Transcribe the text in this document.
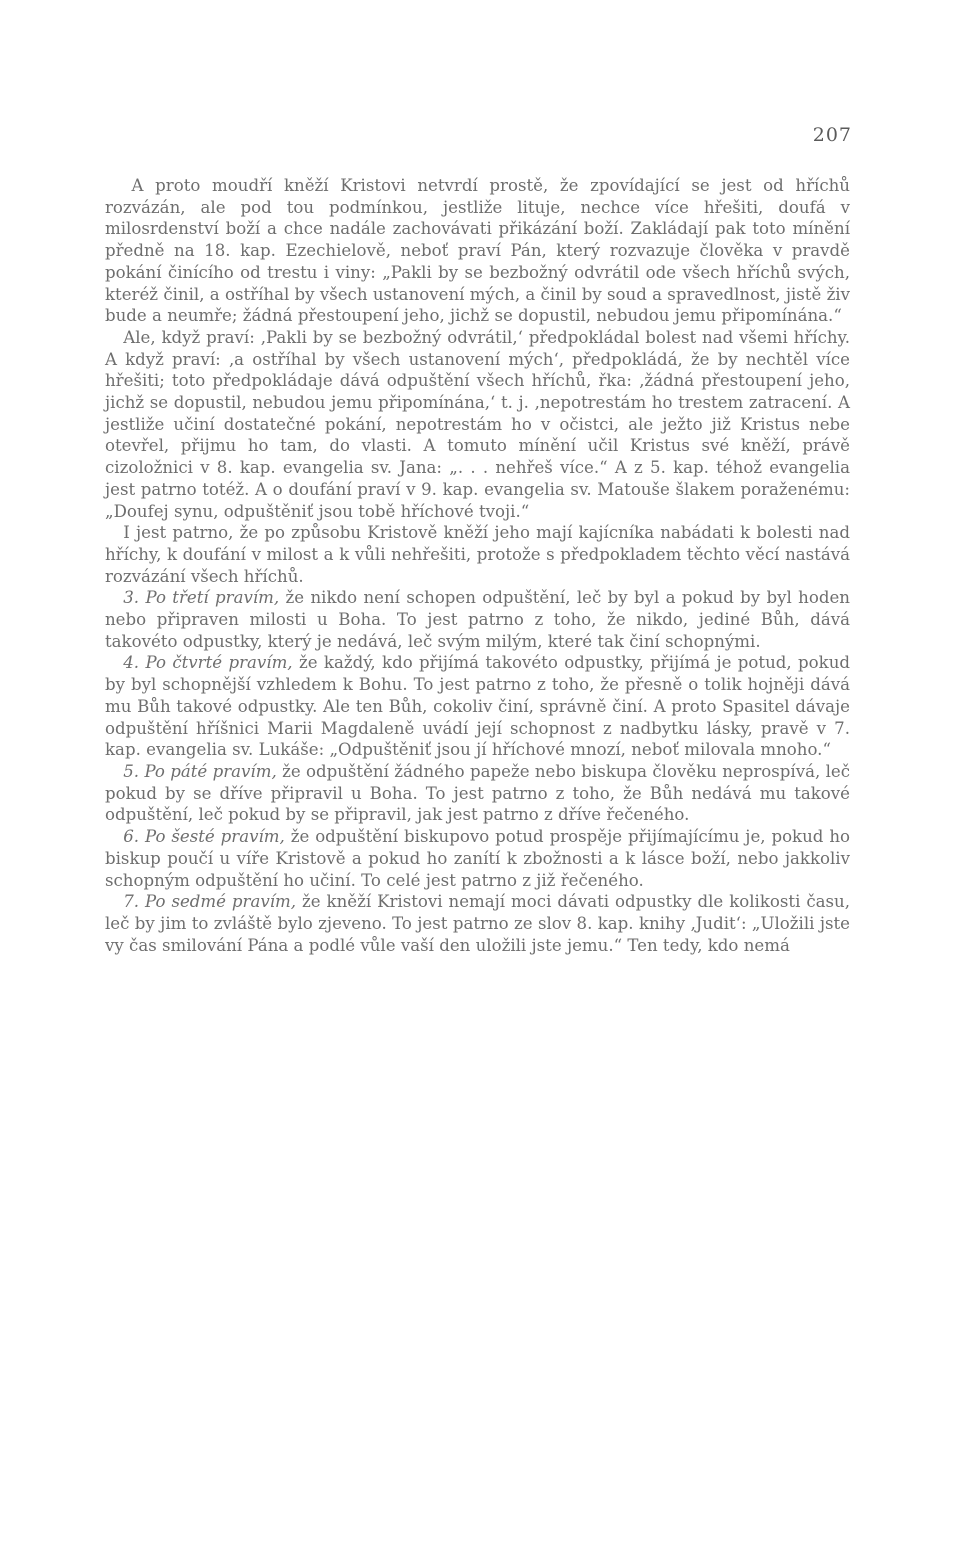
207

A proto moudří kněží Kristovi netvrdí prostě, že zpovídající se jest od hříchů rozvázán, ale pod tou podmínkou, jestliže lituje, nechce více hřešiti, doufá v milosrdenství boží a chce nadále zachovávati přikázání boží. Zakládají pak toto mínění předně na 18. kap. Ezechielově, neboť praví Pán, který rozvazuje člověka v pravdě pokání činícího od trestu i viny: „Pakli by se bezbožný odvrátil ode všech hříchů svých, kteréž činil, a ostříhal by všech ustanovení mých, a činil by soud a spravedlnost, jistě živ bude a neumře; žádná přestoupení jeho, jichž se dopustil, nebudou jemu připomínána.“

Ale, když praví: ‚Pakli by se bezbožný odvrátil,‘ předpokládal bolest nad všemi hříchy. A když praví: ‚a ostříhal by všech ustanovení mých‘, předpokládá, že by nechtěl více hřešiti; toto předpokládaje dává odpuštění všech hříchů, řka: ‚žádná přestoupení jeho, jichž se dopustil, nebudou jemu připomínána,‘ t. j. ‚nepotrestám ho trestem zatracení. A jestliže učiní dostatečné pokání, nepotrestám ho v očistci, ale ježto již Kristus nebe otevřel, přijmu ho tam, do vlasti. A tomuto mínění učil Kristus své kněží, právě cizoložnici v 8. kap. evangelia sv. Jana: „. . . nehřeš více.“ A z 5. kap. téhož evangelia jest patrno totéž. A o doufání praví v 9. kap. evangelia sv. Matouše šlakem poraženému: „Doufej synu, odpuštěniť jsou tobě hříchové tvoji.“

I jest patrno, že po způsobu Kristově kněží jeho mají kajícníka nabádati k bolesti nad hříchy, k doufání v milost a k vůli nehřešiti, protože s předpokladem těchto věcí nastává rozvázání všech hříchů.

3. Po třetí pravím, že nikdo není schopen odpuštění, leč by byl a pokud by byl hoden nebo připraven milosti u Boha. To jest patrno z toho, že nikdo, jediné Bůh, dává takovéto odpustky, který je nedává, leč svým milým, které tak činí schopnými.

4. Po čtvrté pravím, že každý, kdo přijímá takovéto odpustky, přijímá je potud, pokud by byl schopnější vzhledem k Bohu. To jest patrno z toho, že přesně o tolik hojněji dává mu Bůh takové odpustky. Ale ten Bůh, cokoliv činí, správně činí. A proto Spasitel dávaje odpuštění hříšnici Marii Magdaleně uvádí její schopnost z nadbytku lásky, pravě v 7. kap. evangelia sv. Lukáše: „Odpuštěniť jsou jí hříchové mnozí, neboť milovala mnoho.“

5. Po páté pravím, že odpuštění žádného papeže nebo biskupa člověku neprospívá, leč pokud by se dříve připravil u Boha. To jest patrno z toho, že Bůh nedává mu takové odpuštění, leč pokud by se připravil, jak jest patrno z dříve řečeného.

6. Po šesté pravím, že odpuštění biskupovo potud prospěje přijímajícímu je, pokud ho biskup poučí u víře Kristově a pokud ho zanítí k zbožnosti a k lásce boží, nebo jakkoliv schopným odpuštění ho učiní. To celé jest patrno z již řečeného.

7. Po sedmé pravím, že kněží Kristovi nemají moci dávati odpustky dle kolikosti času, leč by jim to zvláště bylo zjeveno. To jest patrno ze slov 8. kap. knihy ‚Judit‘: „Uložili jste vy čas smilování Pána a podlé vůle vaší den uložili jste jemu.“ Ten tedy, kdo nemá
